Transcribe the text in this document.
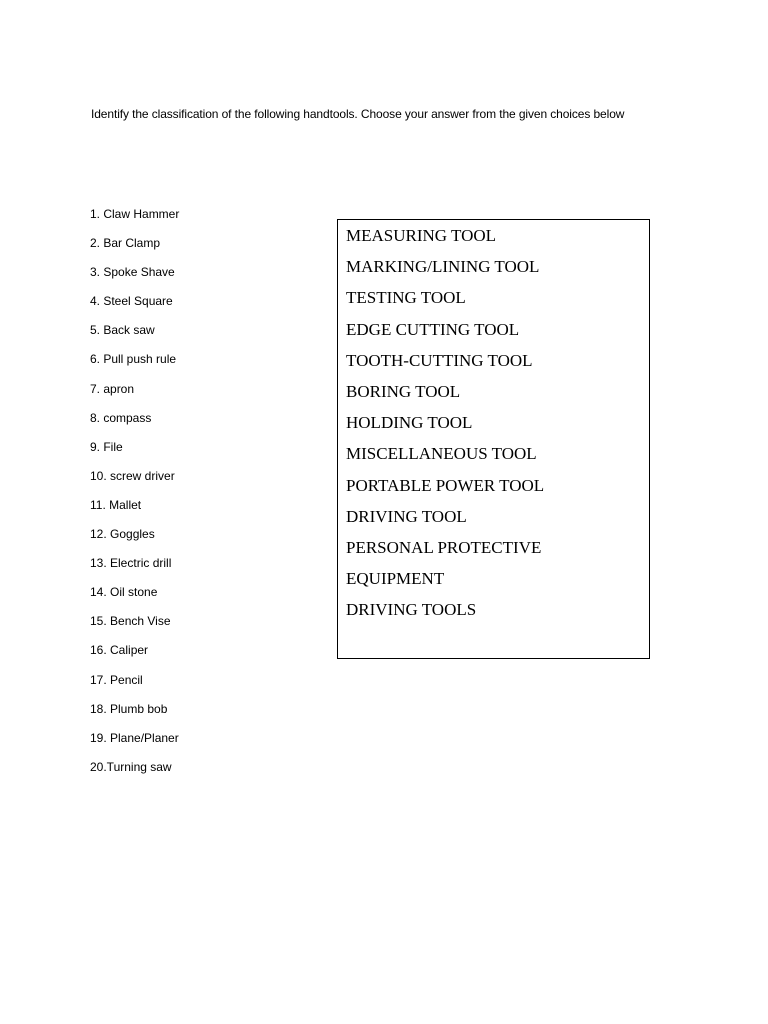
Identify the classification of the following handtools. Choose your answer from the given choices below

1. Claw Hammer
2. Bar Clamp
3. Spoke Shave
4. Steel Square
5. Back saw
6. Pull push rule
7. apron
8. compass
9. File
10. screw driver
11. Mallet
12. Goggles
13. Electric drill
14. Oil stone
15. Bench Vise
16. Caliper
17. Pencil
18. Plumb bob
19. Plane/Planer
20.Turning saw
MEASURING TOOL
MARKING/LINING TOOL
TESTING TOOL
EDGE CUTTING TOOL
TOOTH-CUTTING TOOL
BORING TOOL
HOLDING TOOL
MISCELLANEOUS TOOL
PORTABLE POWER TOOL
DRIVING TOOL
PERSONAL PROTECTIVE
EQUIPMENT
DRIVING TOOLS
